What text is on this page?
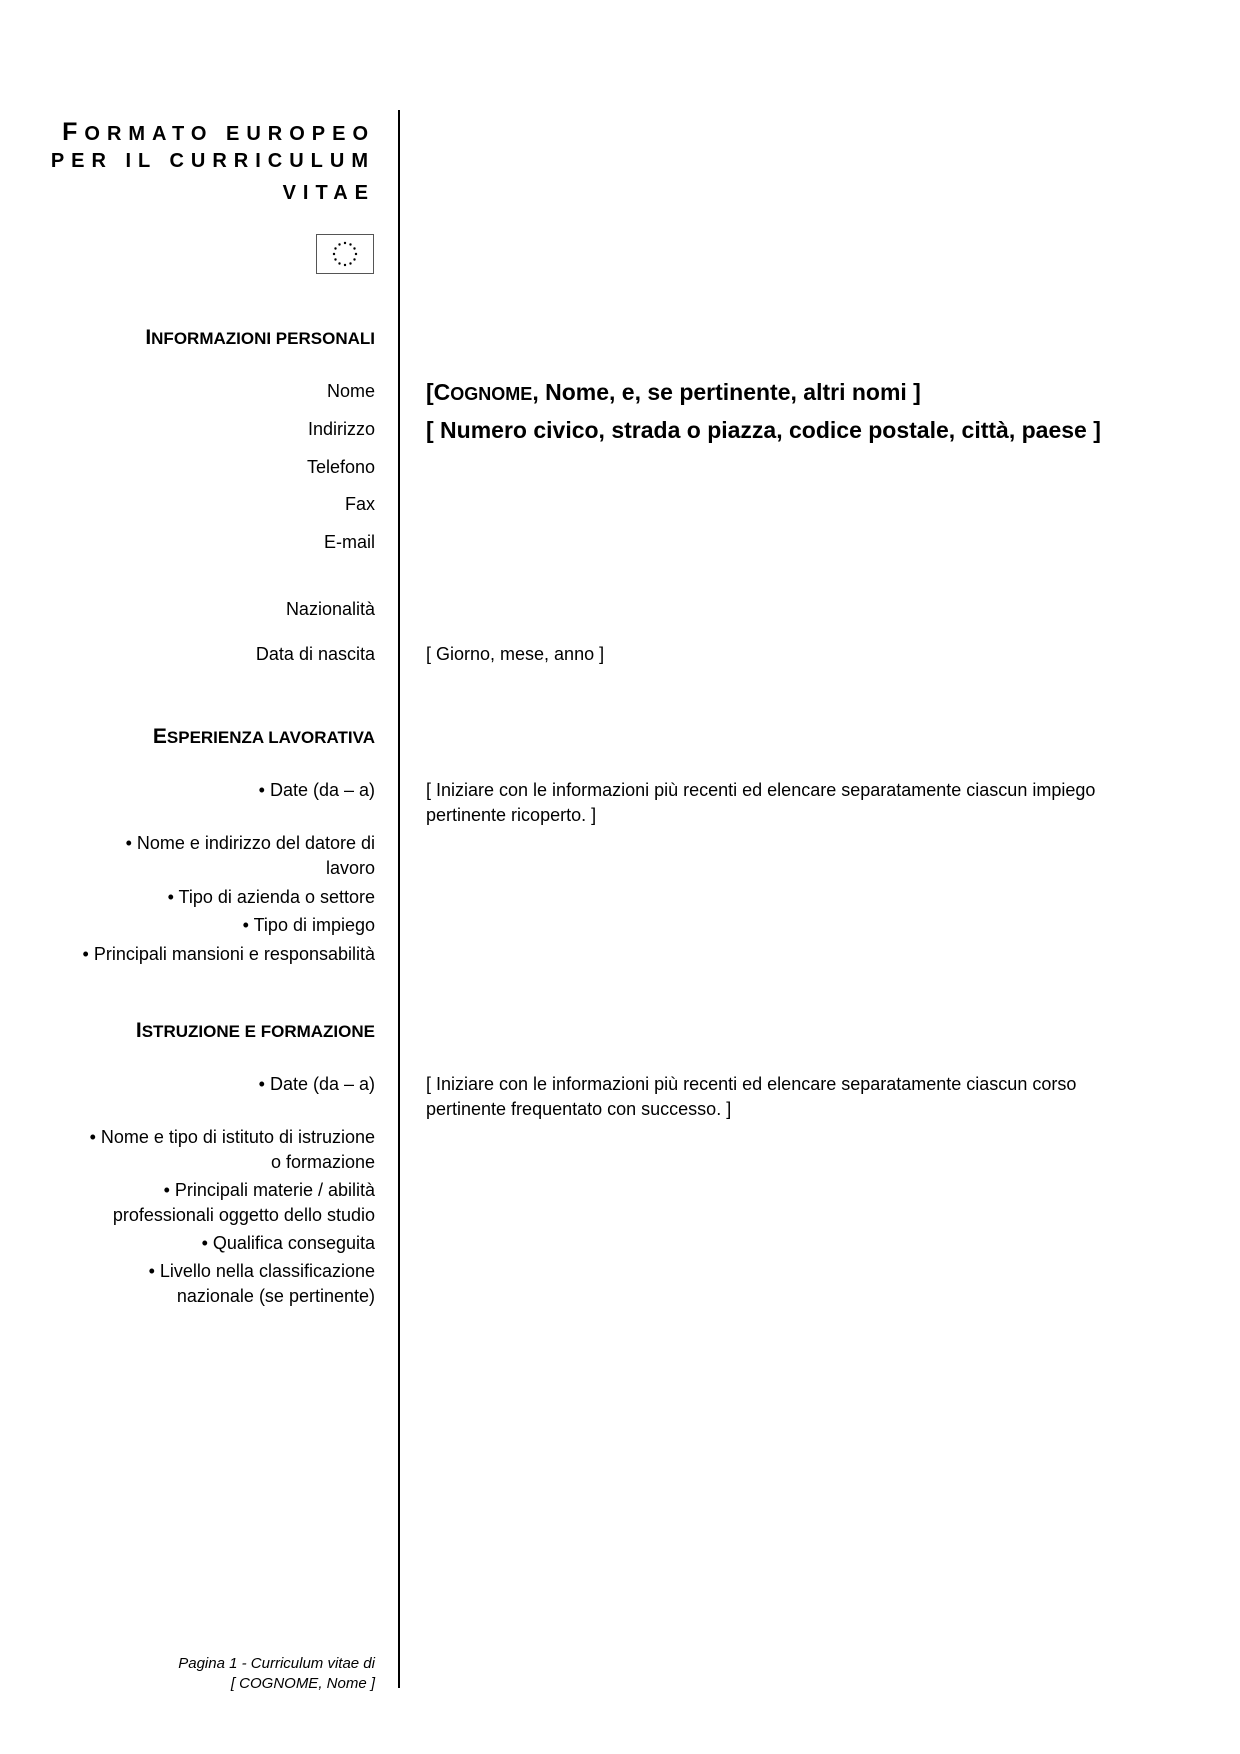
FORMATO EUROPEO
PER IL CURRICULUM
VITAE
INFORMAZIONI PERSONALI
Nome [COGNOME, Nome, e, se pertinente, altri nomi ]
Indirizzo [ Numero civico, strada o piazza, codice postale, città, paese ]
Telefono
Fax
E-mail
Nazionalità
Data di nascita	[ Giorno, mese, anno ]
ESPERIENZA LAVORATIVA
• Date (da – a)	[ Iniziare con le informazioni più recenti ed elencare separatamente ciascun impiego pertinente ricoperto. ]
• Nome e indirizzo del datore di lavoro
• Tipo di azienda o settore
• Tipo di impiego
• Principali mansioni e responsabilità
ISTRUZIONE E FORMAZIONE
• Date (da – a)	[ Iniziare con le informazioni più recenti ed elencare separatamente ciascun corso pertinente frequentato con successo. ]
• Nome e tipo di istituto di istruzione o formazione
• Principali materie / abilità professionali oggetto dello studio
• Qualifica conseguita
• Livello nella classificazione nazionale (se pertinente)
Pagina 1 - Curriculum vitae di
[ COGNOME, Nome ]
